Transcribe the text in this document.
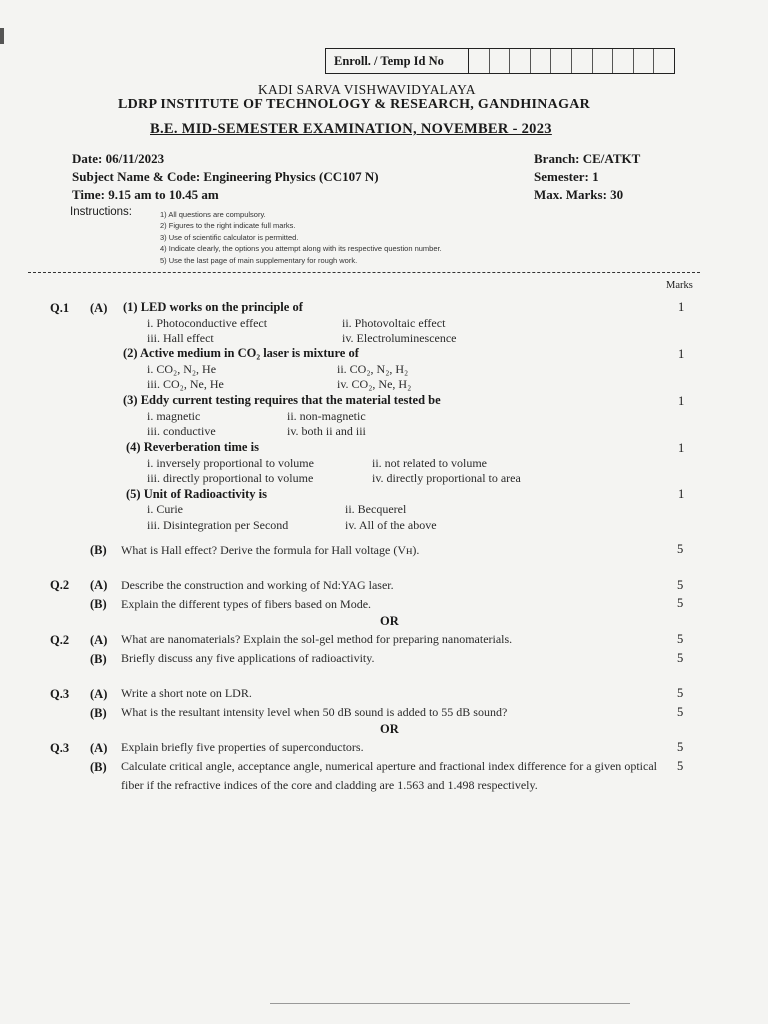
Enroll. / Temp Id No
KADI SARVA VISHWAVIDYALAYA
LDRP INSTITUTE OF TECHNOLOGY & RESEARCH, GANDHINAGAR
B.E. MID-SEMESTER EXAMINATION, NOVEMBER - 2023
Date: 06/11/2023
Subject Name & Code: Engineering Physics (CC107 N)
Time: 9.15 am to 10.45 am
Branch: CE/ATKT
Semester: 1
Max. Marks: 30
Instructions:	1) All questions are compulsory.
2) Figures to the right indicate full marks.
3) Use of scientific calculator is permitted.
4) Indicate clearly, the options you attempt along with its respective question number.
5) Use the last page of main supplementary for rough work.
Marks
Q.1 (A) (1) LED works on the principle of
i. Photoconductive effect	ii. Photovoltaic effect
iii. Hall effect	iv. Electroluminescence
1
(2) Active medium in CO₂ laser is mixture of
i. CO₂, N₂, He	ii. CO₂, N₂, H₂
iii. CO₂, Ne, He	iv. CO₂, Ne, H₂
1
(3) Eddy current testing requires that the material tested be
i. magnetic	ii. non-magnetic
iii. conductive	iv. both ii and iii
1
(4) Reverberation time is
i. inversely proportional to volume	ii. not related to volume
iii. directly proportional to volume	iv. directly proportional to area
1
(5) Unit of Radioactivity is
i. Curie	ii. Becquerel
iii. Disintegration per Second	iv. All of the above
1
(B) What is Hall effect? Derive the formula for Hall voltage (Vʜ).	5
Q.2 (A) Describe the construction and working of Nd:YAG laser.	5
(B) Explain the different types of fibers based on Mode.	5
OR
Q.2 (A) What are nanomaterials? Explain the sol-gel method for preparing nanomaterials.	5
(B) Briefly discuss any five applications of radioactivity.	5
Q.3 (A) Write a short note on LDR.	5
(B) What is the resultant intensity level when 50 dB sound is added to 55 dB sound?	5
OR
Q.3 (A) Explain briefly five properties of superconductors.	5
(B) Calculate critical angle, acceptance angle, numerical aperture and fractional index difference for a given optical fiber if the refractive indices of the core and cladding are 1.563 and 1.498 respectively.
5
